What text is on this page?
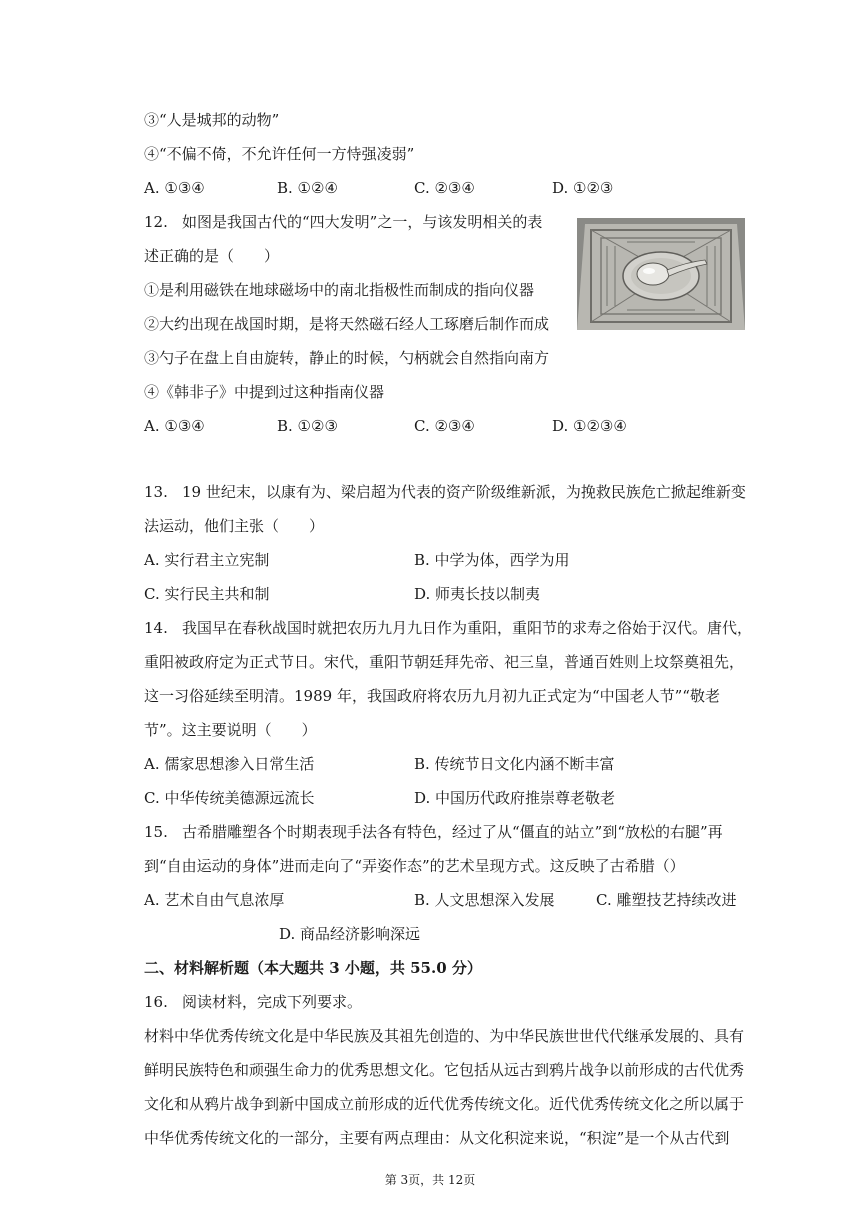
③“人是城邦的动物”
④“不偏不倚，不允许任何一方恃强凌弱”
A. ①③④	B. ①②④	C. ②③④	D. ①②③
12. 如图是我国古代的“四大发明”之一，与该发明相关的表
述正确的是（　　）
①是利用磁铁在地球磁场中的南北指极性而制成的指向仪器
②大约出现在战国时期，是将天然磁石经人工琢磨后制作而成
③勺子在盘上自由旋转，静止的时候，勺柄就会自然指向南方
④《韩非子》中提到过这种指南仪器
A. ①③④	B. ①②③	C. ②③④	D. ①②③④
13. 19 世纪末，以康有为、梁启超为代表的资产阶级维新派，为挽救民族危亡掀起维新变
法运动，他们主张（　　）
A. 实行君主立宪制	B. 中学为体，西学为用
C. 实行民主共和制	D. 师夷长技以制夷
14. 我国早在春秋战国时就把农历九月九日作为重阳，重阳节的求寿之俗始于汉代。唐代，
重阳被政府定为正式节日。宋代，重阳节朝廷拜先帝、祀三皇，普通百姓则上坟祭奠祖先，
这一习俗延续至明清。1989 年，我国政府将农历九月初九正式定为“中国老人节”“敬老
节”。这主要说明（　　）
A. 儒家思想渗入日常生活	B. 传统节日文化内涵不断丰富
C. 中华传统美德源远流长	D. 中国历代政府推崇尊老敬老
15. 古希腊雕塑各个时期表现手法各有特色，经过了从“僵直的站立”到“放松的右腿”再
到“自由运动的身体”进而走向了“弄姿作态”的艺术呈现方式。这反映了古希腊（）
A. 艺术自由气息浓厚	B. 人文思想深入发展	C. 雕塑技艺持续改进
D. 商品经济影响深远
二、材料解析题（本大题共 3 小题，共 55.0 分）
16. 阅读材料，完成下列要求。
材料中华优秀传统文化是中华民族及其祖先创造的、为中华民族世世代代继承发展的、具有
鲜明民族特色和顽强生命力的优秀思想文化。它包括从远古到鸦片战争以前形成的古代优秀
文化和从鸦片战争到新中国成立前形成的近代优秀传统文化。近代优秀传统文化之所以属于
中华优秀传统文化的一部分，主要有两点理由：从文化积淀来说，“积淀”是一个从古代到
第 3页，共 12页
